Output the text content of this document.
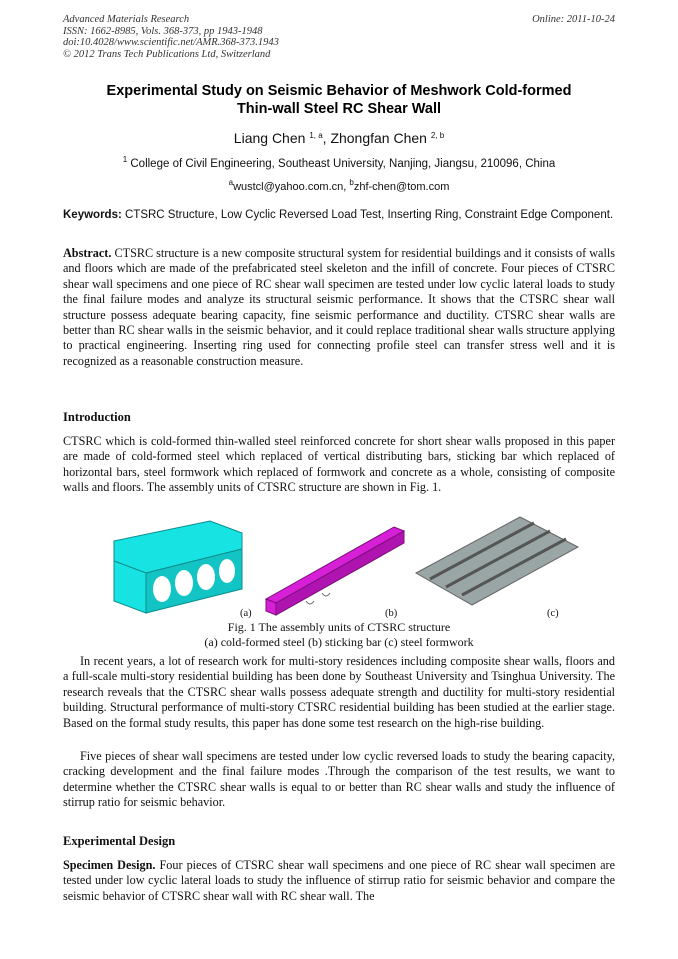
Advanced Materials Research
ISSN: 1662-8985, Vols. 368-373, pp 1943-1948
doi:10.4028/www.scientific.net/AMR.368-373.1943
© 2012 Trans Tech Publications Ltd, Switzerland
Online: 2011-10-24
Experimental Study on Seismic Behavior of Meshwork Cold-formed
Thin-wall Steel RC Shear Wall
Liang Chen $^{1, a}$, Zhongfan Chen $^{2, b}$
$^1$ College of Civil Engineering, Southeast University, Nanjing, Jiangsu, 210096, China
$^a$wustcl@yahoo.com.cn, $^b$zhf-chen@tom.com
Keywords: CTSRC Structure, Low Cyclic Reversed Load Test, Inserting Ring, Constraint Edge Component.
Abstract. CTSRC structure is a new composite structural system for residential buildings and it consists of walls and floors which are made of the prefabricated steel skeleton and the infill of concrete. Four pieces of CTSRC shear wall specimens and one piece of RC shear wall specimen are tested under low cyclic lateral loads to study the final failure modes and analyze its structural seismic performance. It shows that the CTSRC shear wall structure possess adequate bearing capacity, fine seismic performance and ductility. CTSRC shear walls are better than RC shear walls in the seismic behavior, and it could replace traditional shear walls structure applying to practical engineering. Inserting ring used for connecting profile steel can transfer stress well and it is recognized as a reasonable construction measure.
Introduction
CTSRC which is cold-formed thin-walled steel reinforced concrete for short shear walls proposed in this paper are made of cold-formed steel which replaced of vertical distributing bars, sticking bar which replaced of horizontal bars, steel formwork which replaced of formwork and concrete as a whole, consisting of composite walls and floors. The assembly units of CTSRC structure are shown in Fig. 1.
(a)	(b)	(c)
Fig. 1 The assembly units of CTSRC structure
(a) cold-formed steel (b) sticking bar (c) steel formwork
In recent years, a lot of research work for multi-story residences including composite shear walls, floors and a full-scale multi-story residential building has been done by Southeast University and Tsinghua University. The research reveals that the CTSRC shear walls possess adequate strength and ductility for multi-story residential building. Structural performance of multi-story CTSRC residential building has been studied at the earlier stage. Based on the formal study results, this paper has done some test research on the high-rise building.
Five pieces of shear wall specimens are tested under low cyclic reversed loads to study the bearing capacity, cracking development and the final failure modes .Through the comparison of the test results, we want to determine whether the CTSRC shear walls is equal to or better than RC shear walls and study the influence of stirrup ratio for seismic behavior.
Experimental Design
Specimen Design. Four pieces of CTSRC shear wall specimens and one piece of RC shear wall specimen are tested under low cyclic lateral loads to study the influence of stirrup ratio for seismic behavior and compare the seismic behavior of CTSRC shear wall with RC shear wall. The
